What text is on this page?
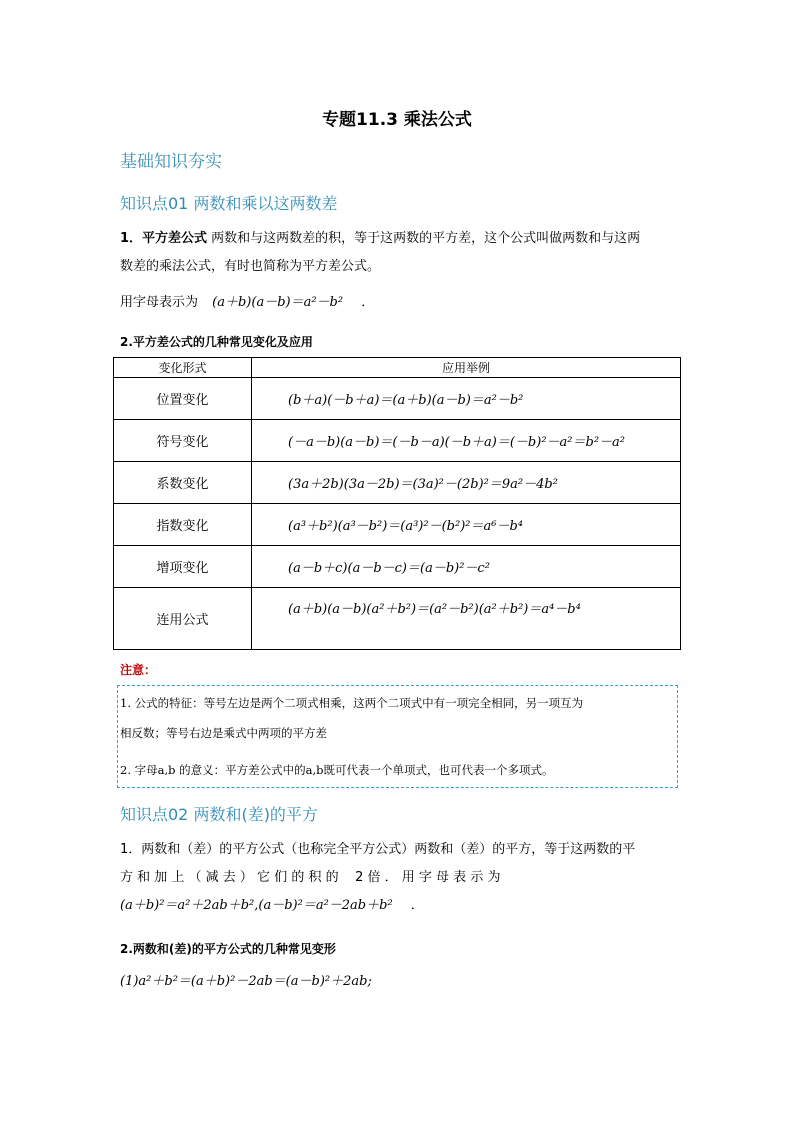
专题11.3 乘法公式
基础知识夯实
知识点01 两数和乘以这两数差
1．平方差公式 两数和与这两数差的积，等于这两数的平方差，这个公式叫做两数和与这两
数差的乘法公式，有时也简称为平方差公式。
用字母表示为 (a＋b)(a－b)＝a²－b² ．
2.平方差公式的几种常见变化及应用
变化形式	应用举例
位置变化	(b＋a)(－b＋a)＝(a＋b)(a－b)＝a²－b²
符号变化	(－a－b)(a－b)＝(－b－a)(－b＋a)＝(－b)²－a²＝b²－a²
系数变化	(3a＋2b)(3a－2b)＝(3a)²－(2b)²＝9a²－4b²
指数变化	(a³＋b²)(a³－b²)＝(a³)²－(b²)²＝a⁶－b⁴
增项变化	(a－b＋c)(a－b－c)＝(a－b)²－c²
连用公式	(a＋b)(a－b)(a²＋b²)＝(a²－b²)(a²＋b²)＝a⁴－b⁴
注意：
1. 公式的特征：等号左边是两个二项式相乘，这两个二项式中有一项完全相同，另一项互为
相反数；等号右边是乘式中两项的平方差
2. 字母a,b 的意义：平方差公式中的a,b既可代表一个单项式，也可代表一个多项式。
知识点02 两数和(差)的平方
1．两数和（差）的平方公式（也称完全平方公式）两数和（差）的平方，等于这两数的平
方 和 加 上 （ 减 去 ） 它 们 的 积 的    2 倍 ． 用 字 母 表 示 为
(a＋b)²＝a²＋2ab＋b²,(a－b)²＝a²－2ab＋b² ．
2.两数和(差)的平方公式的几种常见变形
(1)a²＋b²＝(a＋b)²－2ab＝(a－b)²＋2ab;
